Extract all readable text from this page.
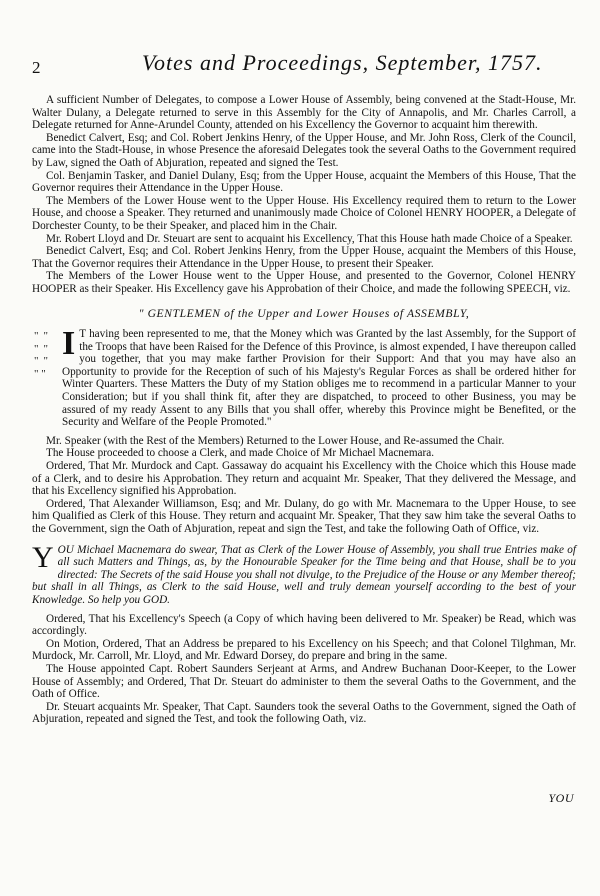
2	Votes and Proceedings, September, 1757.

A sufficient Number of Delegates, to compose a Lower House of Assembly, being convened at the Stadt-House, Mr. Walter Dulany, a Delegate returned to serve in this Assembly for the City of Annapolis, and Mr. Charles Carroll, a Delegate returned for Anne-Arundel County, attended on his Excellency the Governor to acquaint him therewith.

Benedict Calvert, Esq; and Col. Robert Jenkins Henry, of the Upper House, and Mr. John Ross, Clerk of the Council, came into the Stadt-House, in whose Presence the aforesaid Delegates took the several Oaths to the Government required by Law, signed the Oath of Abjuration, repeated and signed the Test.

Col. Benjamin Tasker, and Daniel Dulany, Esq; from the Upper House, acquaint the Members of this House, That the Governor requires their Attendance in the Upper House.

The Members of the Lower House went to the Upper House. His Excellency required them to return to the Lower House, and choose a Speaker. They returned and unanimously made Choice of Colonel HENRY HOOPER, a Delegate of Dorchester County, to be their Speaker, and placed him in the Chair.

Mr. Robert Lloyd and Dr. Steuart are sent to acquaint his Excellency, That this House hath made Choice of a Speaker.

Benedict Calvert, Esq; and Col. Robert Jenkins Henry, from the Upper House, acquaint the Members of this House, That the Governor requires their Attendance in the Upper House, to present their Speaker.

The Members of the Lower House went to the Upper House, and presented to the Governor, Colonel HENRY HOOPER as their Speaker. His Excellency gave his Approbation of their Choice, and made the following SPEECH, viz.

" GENTLEMEN of the Upper and Lower Houses of ASSEMBLY,
" " " " " " " "
I T having been represented to me, that the Money which was Granted by the last Assembly, for the Support of the Troops that have been Raised for the Defence of this Province, is almost expended, I have thereupon called you together, that you may make farther Provision for their Support: And that you may have also an Opportunity to provide for the Reception of such of his Majesty's Regular Forces as shall be ordered hither for Winter Quarters. These Matters the Duty of my Station obliges me to recommend in a particular Manner to your Consideration; but if you shall think fit, after they are dispatched, to proceed to other Business, you may be assured of my ready Assent to any Bills that you shall offer, whereby this Province might be Benefited, or the Security and Welfare of the People Promoted."

Mr. Speaker (with the Rest of the Members) Returned to the Lower House, and Re-assumed the Chair.

The House proceeded to choose a Clerk, and made Choice of Mr Michael Macnemara.

Ordered, That Mr. Murdock and Capt. Gassaway do acquaint his Excellency with the Choice which this House made of a Clerk, and to desire his Approbation. They return and acquaint Mr. Speaker, That they delivered the Message, and that his Excellency signified his Approbation.

Ordered, That Alexander Williamson, Esq; and Mr. Dulany, do go with Mr. Macnemara to the Upper House, to see him Qualified as Clerk of this House. They return and acquaint Mr. Speaker, That they saw him take the several Oaths to the Government, sign the Oath of Abjuration, repeat and sign the Test, and take the following Oath of Office, viz.

Y OU Michael Macnemara do swear, That as Clerk of the Lower House of Assembly, you shall true Entries make of all such Matters and Things, as, by the Honourable Speaker for the Time being and that House, shall be to you directed: The Secrets of the said House you shall not divulge, to the Prejudice of the House or any Member thereof; but shall in all Things, as Clerk to the said House, well and truly demean yourself according to the best of your Knowledge. So help you GOD.

Ordered, That his Excellency's Speech (a Copy of which having been delivered to Mr. Speaker) be Read, which was accordingly.

On Motion, Ordered, That an Address be prepared to his Excellency on his Speech; and that Colonel Tilghman, Mr. Murdock, Mr. Carroll, Mr. Lloyd, and Mr. Edward Dorsey, do prepare and bring in the same.

The House appointed Capt. Robert Saunders Serjeant at Arms, and Andrew Buchanan Door-Keeper, to the Lower House of Assembly; and Ordered, That Dr. Steuart do administer to them the several Oaths to the Government, and the Oath of Office.

Dr. Steuart acquaints Mr. Speaker, That Capt. Saunders took the several Oaths to the Government, signed the Oath of Abjuration, repeated and signed the Test, and took the following Oath, viz.

YOU
